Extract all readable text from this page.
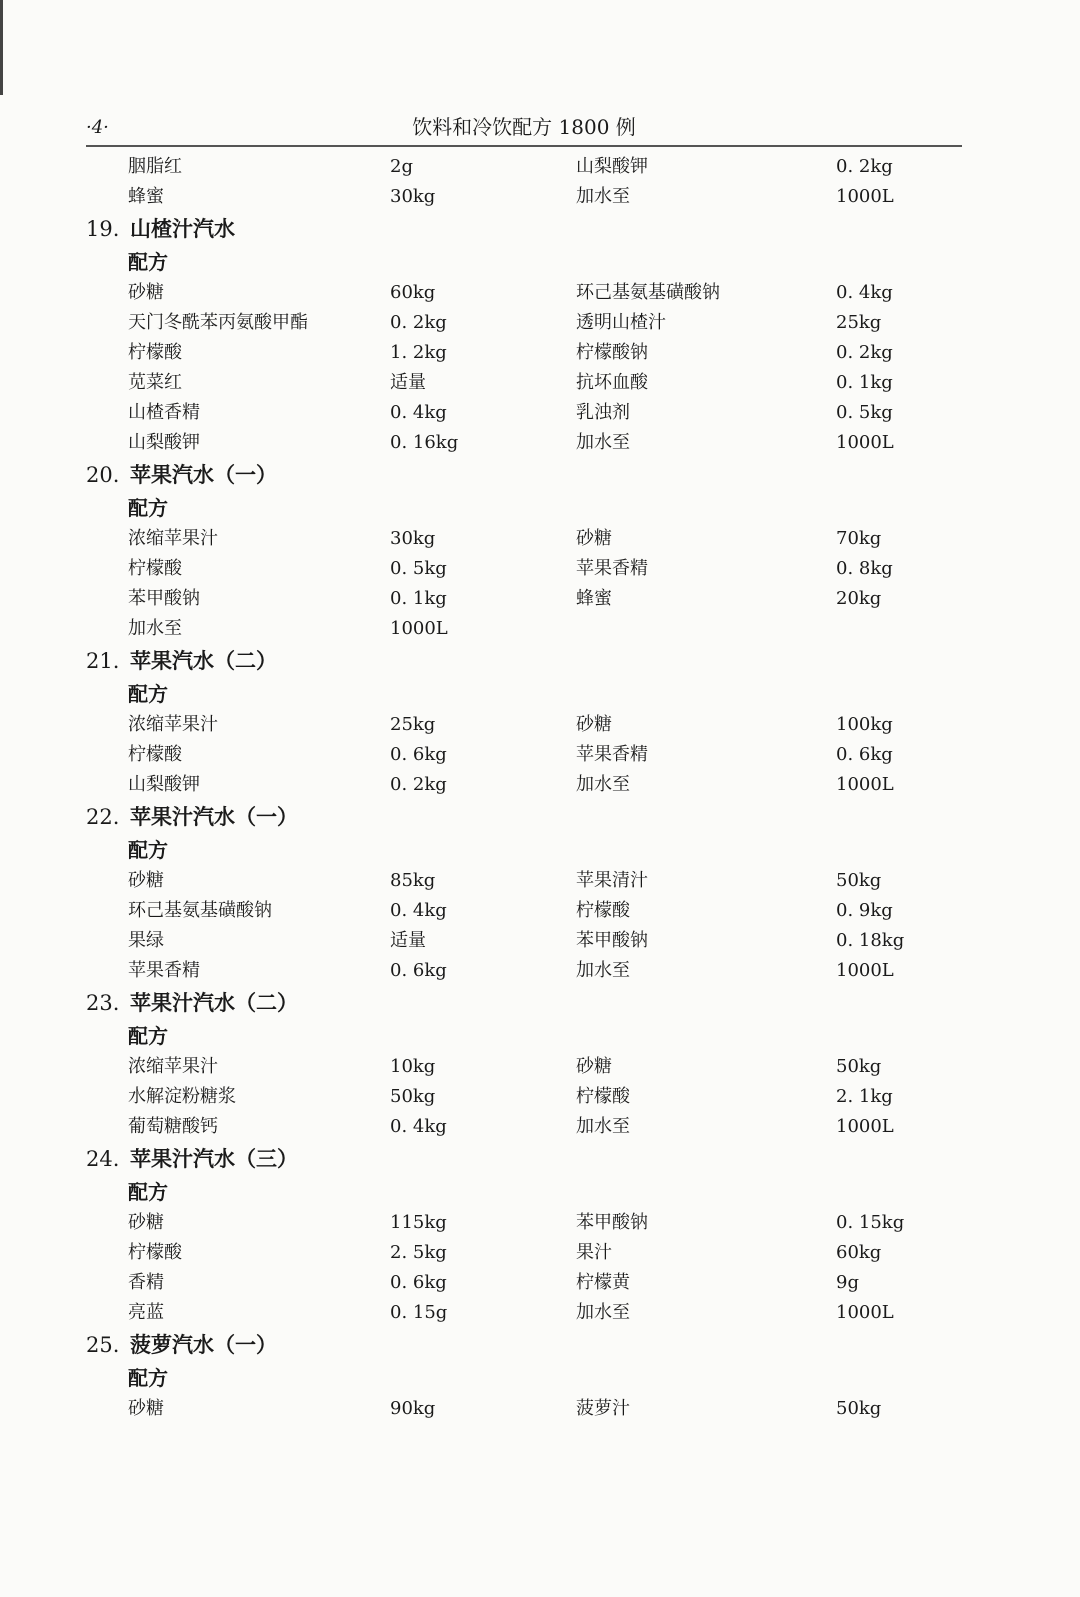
·4·	饮料和冷饮配方 1800 例
胭脂红	2g	山梨酸钾	0. 2kg
蜂蜜	30kg	加水至	1000L
19. 山楂汁汽水
配方
砂糖	60kg	环己基氨基磺酸钠	0. 4kg
天门冬酰苯丙氨酸甲酯	0. 2kg	透明山楂汁	25kg
柠檬酸	1. 2kg	柠檬酸钠	0. 2kg
苋菜红	适量	抗坏血酸	0. 1kg
山楂香精	0. 4kg	乳浊剂	0. 5kg
山梨酸钾	0. 16kg	加水至	1000L
20. 苹果汽水（一）
配方
浓缩苹果汁	30kg	砂糖	70kg
柠檬酸	0. 5kg	苹果香精	0. 8kg
苯甲酸钠	0. 1kg	蜂蜜	20kg
加水至	1000L
21. 苹果汽水（二）
配方
浓缩苹果汁	25kg	砂糖	100kg
柠檬酸	0. 6kg	苹果香精	0. 6kg
山梨酸钾	0. 2kg	加水至	1000L
22. 苹果汁汽水（一）
配方
砂糖	85kg	苹果清汁	50kg
环己基氨基磺酸钠	0. 4kg	柠檬酸	0. 9kg
果绿	适量	苯甲酸钠	0. 18kg
苹果香精	0. 6kg	加水至	1000L
23. 苹果汁汽水（二）
配方
浓缩苹果汁	10kg	砂糖	50kg
水解淀粉糖浆	50kg	柠檬酸	2. 1kg
葡萄糖酸钙	0. 4kg	加水至	1000L
24. 苹果汁汽水（三）
配方
砂糖	115kg	苯甲酸钠	0. 15kg
柠檬酸	2. 5kg	果汁	60kg
香精	0. 6kg	柠檬黄	9g
亮蓝	0. 15g	加水至	1000L
25. 菠萝汽水（一）
配方
砂糖	90kg	菠萝汁	50kg
